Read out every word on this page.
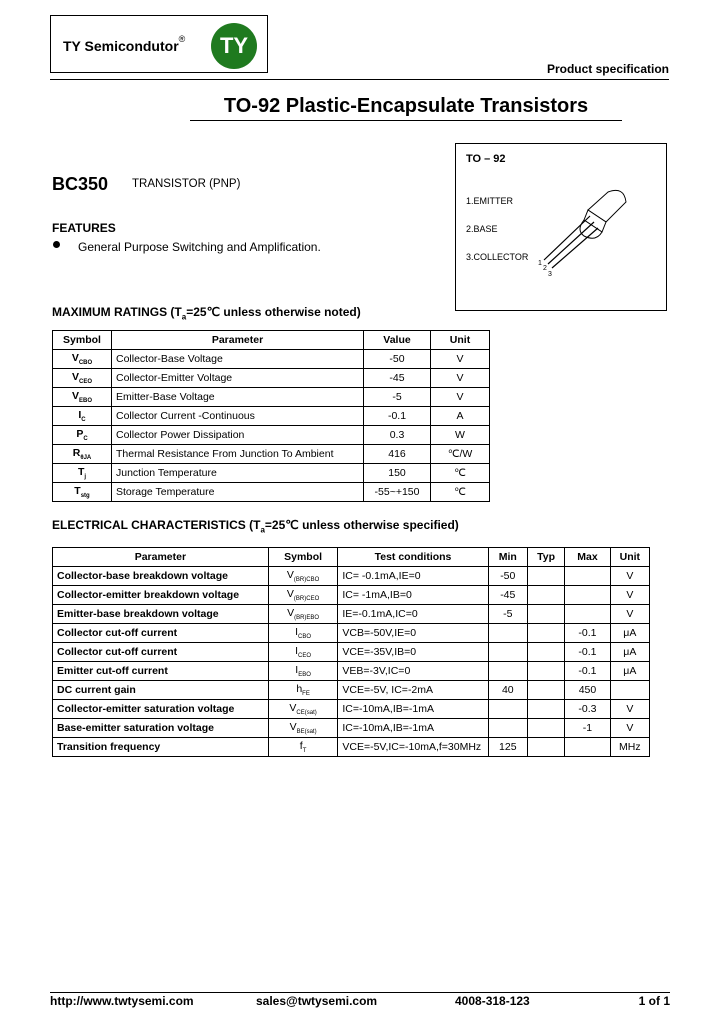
TY Semicondutor®	TY
Product specification
TO-92 Plastic-Encapsulate Transistors
TO – 92
1.EMITTER
2.BASE
3.COLLECTOR
1
2
3
BC350 TRANSISTOR (PNP)
FEATURES
General Purpose Switching and Amplification.
MAXIMUM RATINGS ($T_a=25℃$ unless otherwise noted)
Symbol	Parameter	Value	Unit
$V_{CBO}$	Collector-Base Voltage	-50	V
$V_{CEO}$	Collector-Emitter Voltage	-45	V
$V_{EBO}$	Emitter-Base Voltage	-5	V
$I_C$	Collector Current -Continuous	-0.1	A
$P_C$	Collector Power Dissipation	0.3	W
$R_{\theta JA}$	Thermal Resistance From Junction To Ambient	416	℃/W
$T_j$	Junction Temperature	150	℃
$T_{stg}$	Storage Temperature	-55~+150	℃
ELECTRICAL CHARACTERISTICS ($T_a=25℃$ unless otherwise specified)
Parameter	Symbol	Test conditions	Min	Typ	Max	Unit
Collector-base breakdown voltage	$V_{(BR)CBO}$	IC= -0.1mA,IE=0	-50			V
Collector-emitter breakdown voltage	$V_{(BR)CEO}$	IC= -1mA,IB=0	-45			V
Emitter-base breakdown voltage	$V_{(BR)EBO}$	IE=-0.1mA,IC=0	-5			V
Collector cut-off current	$I_{CBO}$	VCB=-50V,IE=0			-0.1	μA
Collector cut-off current	$I_{CEO}$	VCE=-35V,IB=0			-0.1	μA
Emitter cut-off current	$I_{EBO}$	VEB=-3V,IC=0			-0.1	μA
DC current gain	$h_{FE}$	VCE=-5V, IC=-2mA	40		450	
Collector-emitter saturation voltage	$V_{CE(sat)}$	IC=-10mA,IB=-1mA			-0.3	V
Base-emitter saturation voltage	$V_{BE(sat)}$	IC=-10mA,IB=-1mA			-1	V
Transition frequency	$f_T$	VCE=-5V,IC=-10mA,f=30MHz	125			MHz
http://www.twtysemi.com	sales@twtysemi.com	4008-318-123	1 of 1
